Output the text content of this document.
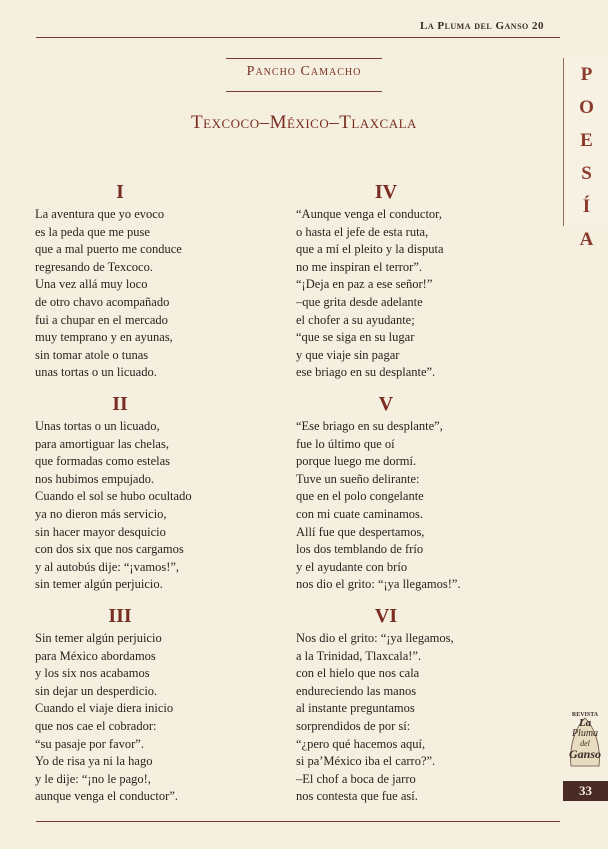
La Pluma del Ganso 20
P
O
E
S
Í
A
Pancho Camacho
Texcoco–México–Tlaxcala
I
La aventura que yo evoco
es la peda que me puse
que a mal puerto me conduce
regresando de Texcoco.
Una vez allá muy loco
de otro chavo acompañado
fui a chupar en el mercado
muy temprano y en ayunas,
sin tomar atole o tunas
unas tortas o un licuado.
II
Unas tortas o un licuado,
para amortiguar las chelas,
que formadas como estelas
nos hubimos empujado.
Cuando el sol se hubo ocultado
ya no dieron más servicio,
sin hacer mayor desquicio
con dos six que nos cargamos
y al autobús dije: “¡vamos!”,
sin temer algún perjuicio.
III
Sin temer algún perjuicio
para México abordamos
y los six nos acabamos
sin dejar un desperdicio.
Cuando el viaje diera inicio
que nos cae el cobrador:
“su pasaje por favor”.
Yo de risa ya ni la hago
y le dije: “¡no le pago!,
aunque venga el conductor”.
IV
“Aunque venga el conductor,
o hasta el jefe de esta ruta,
que a mí el pleito y la disputa
no me inspiran el terror”.
“¡Deja en paz a ese señor!”
–que grita desde adelante
el chofer a su ayudante;
“que se siga en su lugar
y que viaje sin pagar
ese briago en su desplante”.
V
“Ese briago en su desplante”,
fue lo último que oí
porque luego me dormí.
Tuve un sueño delirante:
que en el polo congelante
con mi cuate caminamos.
Allí fue que despertamos,
los dos temblando de frío
y el ayudante con brío
nos dio el grito: “¡ya llegamos!”.
VI
Nos dio el grito: “¡ya llegamos,
a la Trinidad, Tlaxcala!”.
con el hielo que nos cala
endureciendo las manos
al instante preguntamos
sorprendidos de por sí:
“¿pero qué hacemos aquí,
si pa’México iba el carro?”.
–El chof a boca de jarro
nos contesta que fue así.
REVISTA
La
Pluma
del
Ganso
33
